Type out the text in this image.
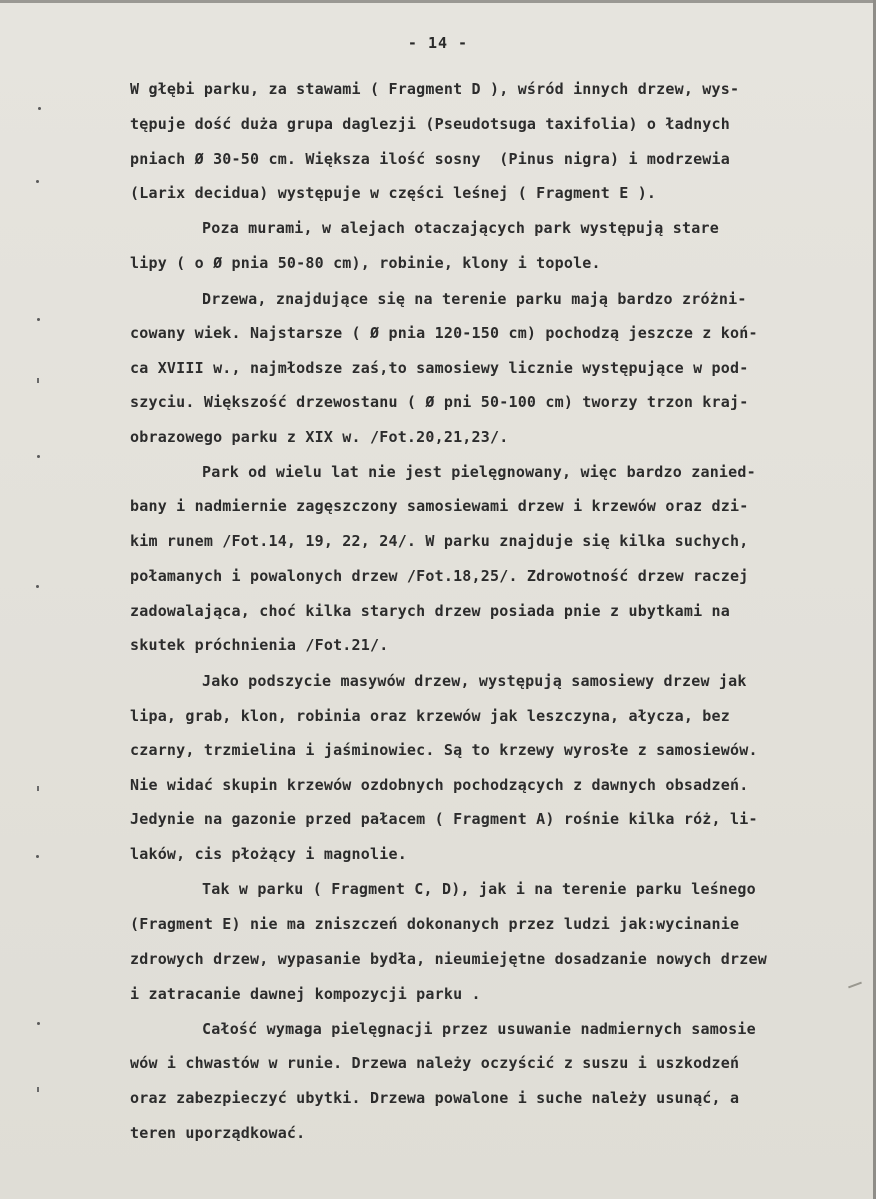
- 14 -
W głębi parku, za stawami ( Fragment D ), wśród innych drzew, wys-
tępuje dość duża grupa daglezji (Pseudotsuga taxifolia) o ładnych
pniach Ø 30-50 cm. Większa ilość sosny  (Pinus nigra) i modrzewia
(Larix decidua) występuje w części leśnej ( Fragment E ).
Poza murami, w alejach otaczających park występują stare
lipy ( o Ø pnia 50-80 cm), robinie, klony i topole.
Drzewa, znajdujące się na terenie parku mają bardzo zróżni-
cowany wiek. Najstarsze ( Ø pnia 120-150 cm) pochodzą jeszcze z koń-
ca XVIII w., najmłodsze zaś,to samosiewy licznie występujące w pod-
szyciu. Większość drzewostanu ( Ø pni 50-100 cm) tworzy trzon kraj-
obrazowego parku z XIX w. /Fot.20,21,23/.
Park od wielu lat nie jest pielęgnowany, więc bardzo zanied-
bany i nadmiernie zagęszczony samosiewami drzew i krzewów oraz dzi-
kim runem /Fot.14, 19, 22, 24/. W parku znajduje się kilka suchych,
połamanych i powalonych drzew /Fot.18,25/. Zdrowotność drzew raczej
zadowalająca, choć kilka starych drzew posiada pnie z ubytkami na
skutek próchnienia /Fot.21/.
Jako podszycie masywów drzew, występują samosiewy drzew jak
lipa, grab, klon, robinia oraz krzewów jak leszczyna, ałycza, bez
czarny, trzmielina i jaśminowiec. Są to krzewy wyrosłe z samosiewów.
Nie widać skupin krzewów ozdobnych pochodzących z dawnych obsadzeń.
Jedynie na gazonie przed pałacem ( Fragment A) rośnie kilka róż, li-
laków, cis płożący i magnolie.
Tak w parku ( Fragment C, D), jak i na terenie parku leśnego
(Fragment E) nie ma zniszczeń dokonanych przez ludzi jak:wycinanie
zdrowych drzew, wypasanie bydła, nieumiejętne dosadzanie nowych drzew
i zatracanie dawnej kompozycji parku .
Całość wymaga pielęgnacji przez usuwanie nadmiernych samosie
wów i chwastów w runie. Drzewa należy oczyścić z suszu i uszkodzeń
oraz zabezpieczyć ubytki. Drzewa powalone i suche należy usunąć, a
teren uporządkować.
